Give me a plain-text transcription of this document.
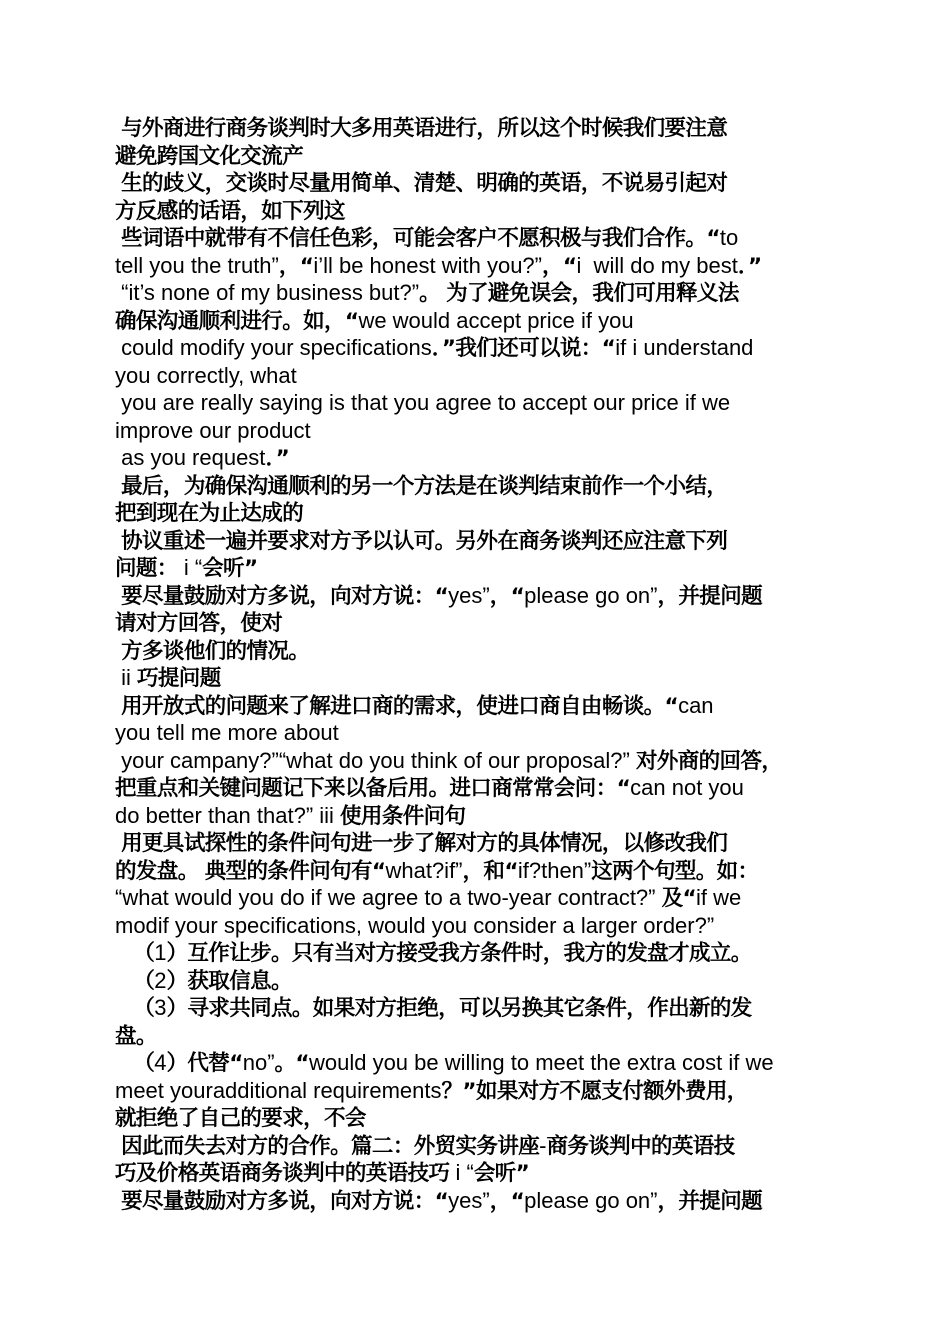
与外商进行商务谈判时大多用英语进行，所以这个时候我们要注意
避免跨国文化交流产
生的歧义，交谈时尽量用简单、清楚、明确的英语，不说易引起对
方反感的话语，如下列这
些词语中就带有不信任色彩，可能会客户不愿积极与我们合作。“to
tell you the truth”，“i’ll be honest with you?”，“i  will do my best．”
“it’s none of my business but?”。 为了避免误会，我们可用释义法
确保沟通顺利进行。如，“we would accept price if you
could modify your specifications．”我们还可以说：“if i understand
you correctly, what
you are really saying is that you agree to accept our price if we
improve our product
as you request．”
最后，为确保沟通顺利的另一个方法是在谈判结束前作一个小结，
把到现在为止达成的
协议重述一遍并要求对方予以认可。另外在商务谈判还应注意下列
问题： i “会听”
要尽量鼓励对方多说，向对方说：“yes”，“please go on”，并提问题
请对方回答，使对
方多谈他们的情况。
ii 巧提问题
用开放式的问题来了解进口商的需求，使进口商自由畅谈。“can
you tell me more about
your campany?”“what do you think of our proposal?” 对外商的回答，
把重点和关键问题记下来以备后用。进口商常常会问：“can not you
do better than that?” iii 使用条件问句
用更具试探性的条件问句进一步了解对方的具体情况，以修改我们
的发盘。 典型的条件问句有“what?if”，和“if?then”这两个句型。如：
“what would you do if we agree to a two-year contract?” 及“if we
modif your specifications, would you consider a larger order?”
（1）互作让步。只有当对方接受我方条件时，我方的发盘才成立。
（2）获取信息。
（3）寻求共同点。如果对方拒绝，可以另换其它条件，作出新的发
盘。
（4）代替“no”。“would you be willing to meet the extra cost if we
meet youradditional requirements？”如果对方不愿支付额外费用，
就拒绝了自己的要求，不会
因此而失去对方的合作。篇二：外贸实务讲座-商务谈判中的英语技
巧及价格英语商务谈判中的英语技巧 i “会听”
要尽量鼓励对方多说，向对方说：“yes”，“please go on”，并提问题
